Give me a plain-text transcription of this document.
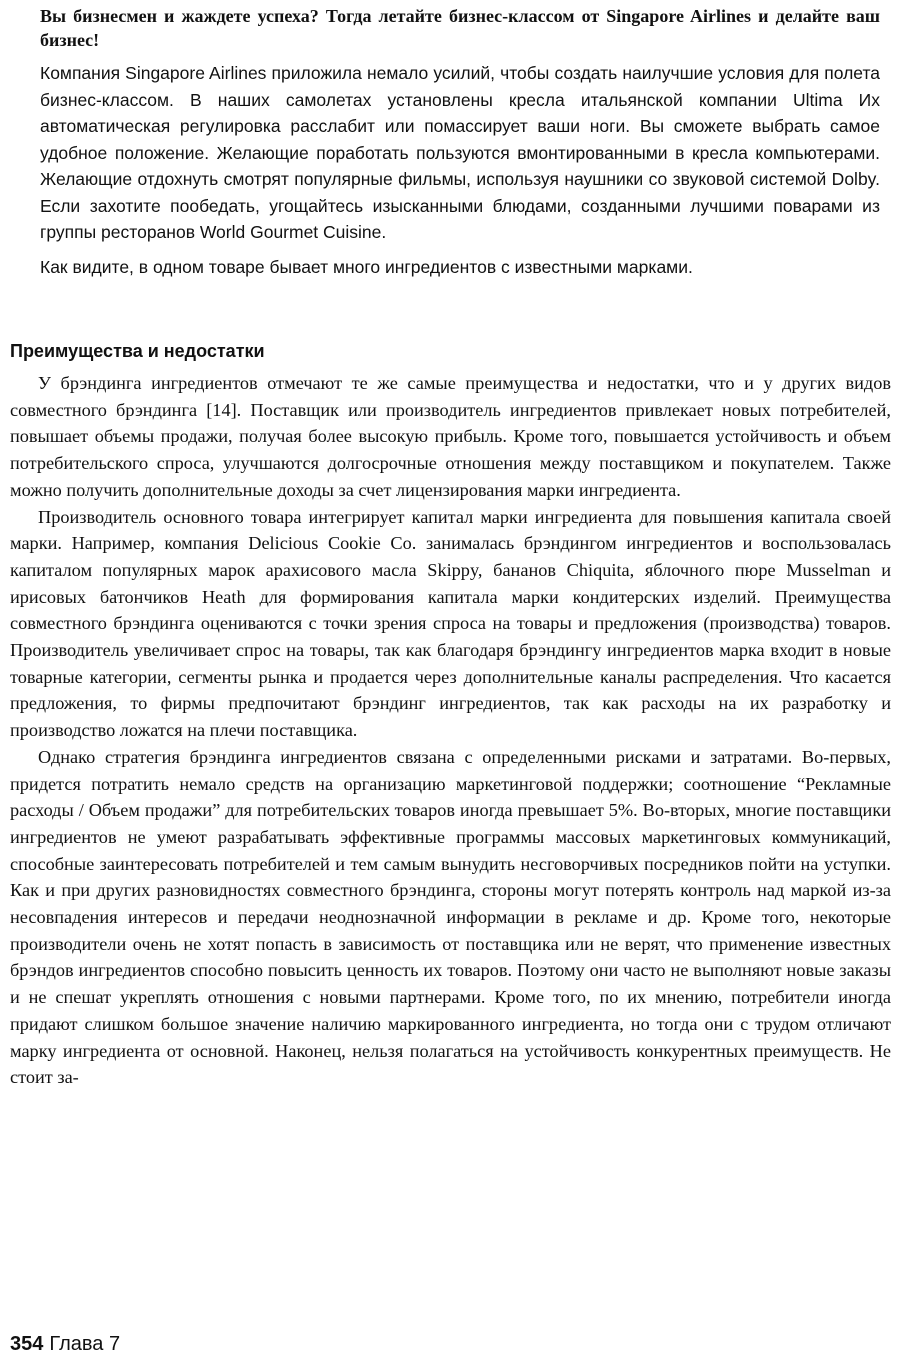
Вы бизнесмен и жаждете успеха? Тогда летайте бизнес-классом от Singapore Airlines и делайте ваш бизнес!

Компания Singapore Airlines приложила немало усилий, чтобы создать наилучшие условия для полета бизнес-классом. В наших самолетах установлены кресла итальянской компании Ultima Их автоматическая регулировка расслабит или помассирует ваши ноги. Вы сможете выбрать самое удобное положение. Желающие поработать пользуются вмонтированными в кресла компьютерами. Желающие отдохнуть смотрят популярные фильмы, используя наушники со звуковой системой Dolby. Если захотите пообедать, угощайтесь изысканными блюдами, созданными лучшими поварами из группы ресторанов World Gourmet Cuisine.

Как видите, в одном товаре бывает много ингредиентов с известными марками.

Преимущества и недостатки

У брэндинга ингредиентов отмечают те же самые преимущества и недостатки, что и у других видов совместного брэндинга [14]. Поставщик или производитель ингредиентов привлекает новых потребителей, повышает объемы продажи, получая более высокую прибыль. Кроме того, повышается устойчивость и объем потребительского спроса, улучшаются долгосрочные отношения между поставщиком и покупателем. Также можно получить дополнительные доходы за счет лицензирования марки ингредиента.

Производитель основного товара интегрирует капитал марки ингредиента для повышения капитала своей марки. Например, компания Delicious Cookie Co. занималась брэндингом ингредиентов и воспользовалась капиталом популярных марок арахисового масла Skippy, бананов Chiquita, яблочного пюре Musselman и ирисовых батончиков Heath для формирования капитала марки кондитерских изделий. Преимущества совместного брэндинга оцениваются с точки зрения спроса на товары и предложения (производства) товаров. Производитель увеличивает спрос на товары, так как благодаря брэндингу ингредиентов марка входит в новые товарные категории, сегменты рынка и продается через дополнительные каналы распределения. Что касается предложения, то фирмы предпочитают брэндинг ингредиентов, так как расходы на их разработку и производство ложатся на плечи поставщика.

Однако стратегия брэндинга ингредиентов связана с определенными рисками и затратами. Во-первых, придется потратить немало средств на организацию маркетинговой поддержки; соотношение “Рекламные расходы / Объем продажи” для потребительских товаров иногда превышает 5%. Во-вторых, многие поставщики ингредиентов не умеют разрабатывать эффективные программы массовых маркетинговых коммуникаций, способные заинтересовать потребителей и тем самым вынудить несговорчивых посредников пойти на уступки. Как и при других разновидностях совместного брэндинга, стороны могут потерять контроль над маркой из-за несовпадения интересов и передачи неоднозначной информации в рекламе и др. Кроме того, некоторые производители очень не хотят попасть в зависимость от поставщика или не верят, что применение известных брэндов ингредиентов способно повысить ценность их товаров. Поэтому они часто не выполняют новые заказы и не спешат укреплять отношения с новыми партнерами. Кроме того, по их мнению, потребители иногда придают слишком большое значение наличию маркированного ингредиента, но тогда они с трудом отличают марку ингредиента от основной. Наконец, нельзя полагаться на устойчивость конкурентных преимуществ. Не стоит за-

354 Глава 7
